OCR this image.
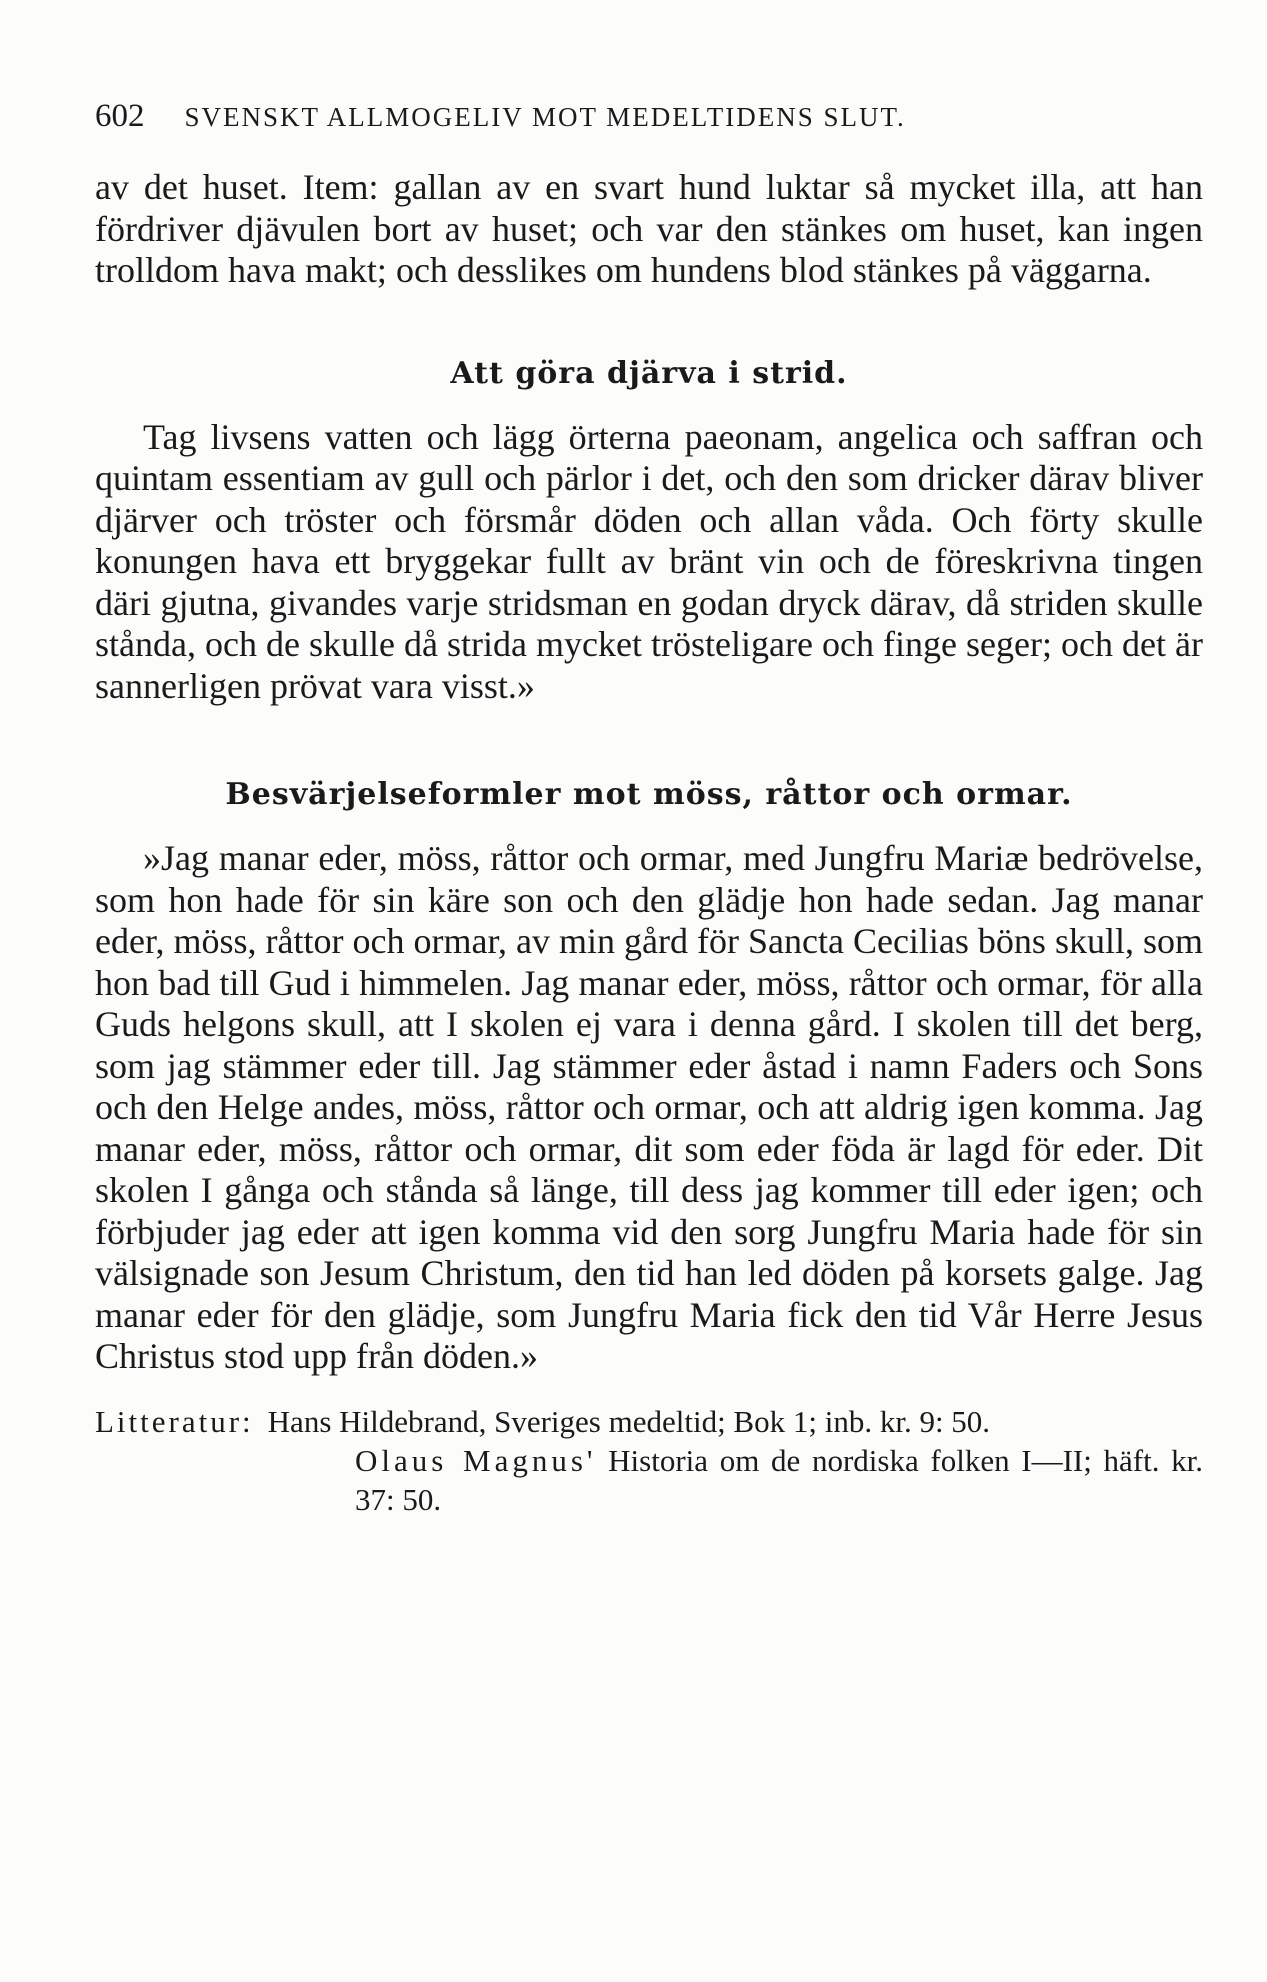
602 SVENSKT ALLMOGELIV MOT MEDELTIDENS SLUT.

av det huset. Item: gallan av en svart hund luktar så mycket illa, att han fördriver djävulen bort av huset; och var den stänkes om huset, kan ingen trolldom hava makt; och desslikes om hundens blod stänkes på väggarna.

Att göra djärva i strid.

Tag livsens vatten och lägg örterna paeonam, angelica och saffran och quintam essentiam av gull och pärlor i det, och den som dricker därav bliver djärver och tröster och försmår döden och allan våda. Och förty skulle konungen hava ett bryggekar fullt av bränt vin och de föreskrivna tingen däri gjutna, givandes varje stridsman en godan dryck därav, då striden skulle stånda, och de skulle då strida mycket trösteligare och finge seger; och det är sannerligen prövat vara visst.»

Besvärjelseformler mot möss, råttor och ormar.

»Jag manar eder, möss, råttor och ormar, med Jungfru Mariæ bedrövelse, som hon hade för sin käre son och den glädje hon hade sedan. Jag manar eder, möss, råttor och ormar, av min gård för Sancta Cecilias böns skull, som hon bad till Gud i himmelen. Jag manar eder, möss, råttor och ormar, för alla Guds helgons skull, att I skolen ej vara i denna gård. I skolen till det berg, som jag stämmer eder till. Jag stämmer eder åstad i namn Faders och Sons och den Helge andes, möss, råttor och ormar, och att aldrig igen komma. Jag manar eder, möss, råttor och ormar, dit som eder föda är lagd för eder. Dit skolen I gånga och stånda så länge, till dess jag kommer till eder igen; och förbjuder jag eder att igen komma vid den sorg Jungfru Maria hade för sin välsignade son Jesum Christum, den tid han led döden på korsets galge. Jag manar eder för den glädje, som Jungfru Maria fick den tid Vår Herre Jesus Christus stod upp från döden.»

Litteratur: Hans Hildebrand, Sveriges medeltid; Bok 1; inb. kr. 9: 50.
Olaus Magnus' Historia om de nordiska folken I—II; häft. kr. 37: 50.
